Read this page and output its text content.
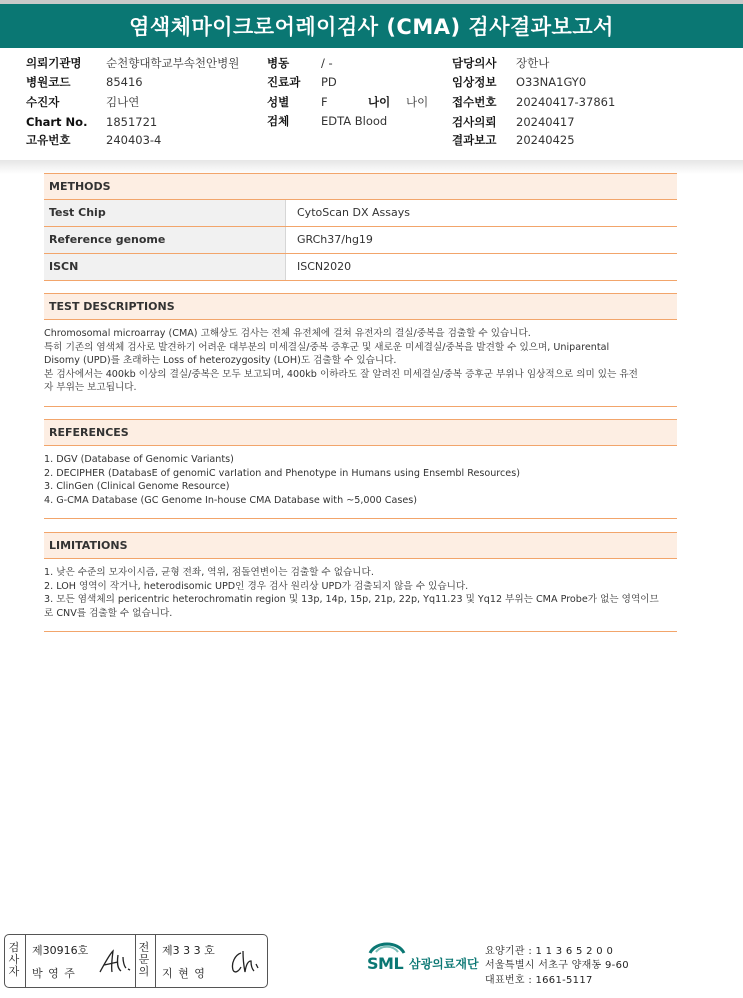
염색체마이크로어레이검사 (CMA) 검사결과보고서
의뢰기관명 순천향대학교부속천안병원
병원코드	85416
수진자	김나연
Chart No. 1851721
고유번호	240403-4
병동	/ -
진료과 PD
성별	F	나이 나이
검체	EDTA Blood
담당의사 장한나
임상정보 O33NA1GY0
접수번호 20240417-37861
검사의뢰 20240417
결과보고 20240425
METHODS
Test Chip	CytoScan DX Assays
Reference genome	GRCh37/hg19
ISCN	ISCN2020
TEST DESCRIPTIONS

Chromosomal microarray (CMA) 고해상도 검사는 전체 유전체에 걸쳐 유전자의 결실/중복을 검출할 수 있습니다.

특히 기존의 염색체 검사로 발견하기 어려운 대부분의 미세결실/중복 증후군 및 새로운 미세결실/중복을 발견할 수 있으며, Uniparental

Disomy (UPD)를 초래하는 Loss of heterozygosity (LOH)도 검출할 수 있습니다.

본 검사에서는 400kb 이상의 결실/중복은 모두 보고되며, 400kb 이하라도 잘 알려진 미세결실/중복 증후군 부위나 임상적으로 의미 있는 유전

자 부위는 보고됩니다.

REFERENCES

1. DGV (Database of Genomic Variants)

2. DECIPHER (DatabasE of genomiC varIation and Phenotype in Humans using Ensembl Resources)

3. ClinGen (Clinical Genome Resource)

4. G-CMA Database (GC Genome In-house CMA Database with ~5,000 Cases)

LIMITATIONS

1. 낮은 수준의 모자이시즘, 균형 전좌, 역위, 점돌연변이는 검출할 수 없습니다.

2. LOH 영역이 작거나, heterodisomic UPD인 경우 검사 원리상 UPD가 검출되지 않을 수 있습니다.

3. 모든 염색체의 pericentric heterochromatin region 및 13p, 14p, 15p, 21p, 22p, Yq11.23 및 Yq12 부위는 CMA Probe가 없는 영역이므

로 CNV를 검출할 수 없습니다.

검
사
자
제30916호
박 영 주
전
문
의
제3 3 3 호
지 현 영
SML 삼광의료재단
요양기관 : 1 1 3 6 5 2 0 0
서울특별시 서초구 양재동 9-60
대표번호 : 1661-5117
